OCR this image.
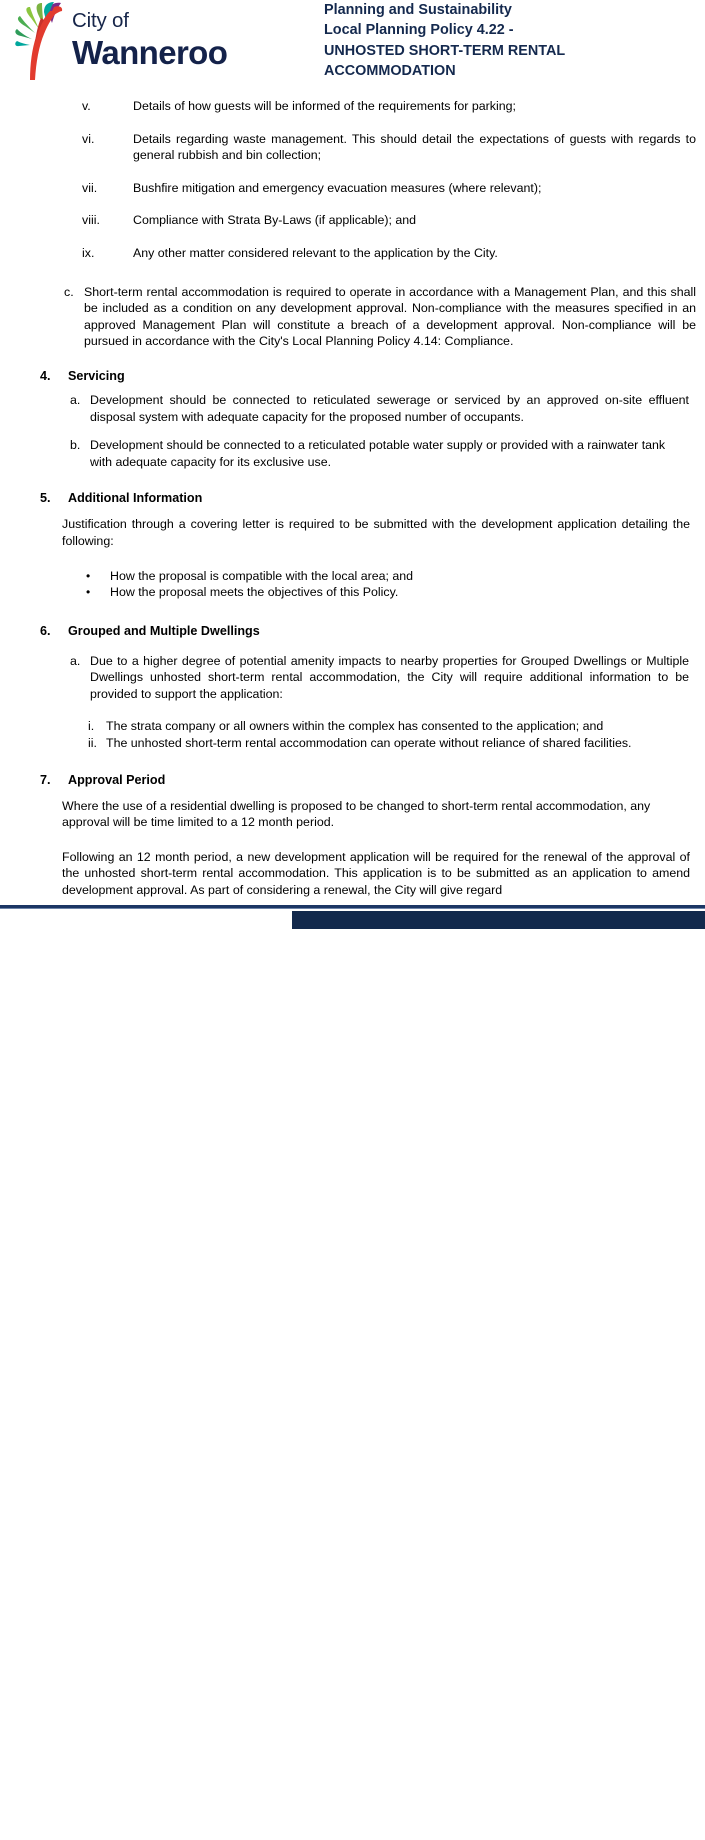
City of
Wanneroo
Planning and Sustainability
Local Planning Policy 4.22 -
UNHOSTED SHORT-TERM RENTAL
ACCOMMODATION
v.	Details of how guests will be informed of the requirements for parking;
vi.	Details regarding waste management. This should detail the expectations of guests with regards to general rubbish and bin collection;
vii.	Bushfire mitigation and emergency evacuation measures (where relevant);
viii.	Compliance with Strata By-Laws (if applicable); and
ix.	Any other matter considered relevant to the application by the City.
c. Short-term rental accommodation is required to operate in accordance with a Management Plan, and this shall be included as a condition on any development approval. Non-compliance with the measures specified in an approved Management Plan will constitute a breach of a development approval. Non-compliance will be pursued in accordance with the City's Local Planning Policy 4.14: Compliance.
4.	Servicing
a. Development should be connected to reticulated sewerage or serviced by an approved on-site effluent disposal system with adequate capacity for the proposed number of occupants.
b. Development should be connected to a reticulated potable water supply or provided with a rainwater tank with adequate capacity for its exclusive use.
5.	Additional Information
Justification through a covering letter is required to be submitted with the development application detailing the following:
•	How the proposal is compatible with the local area; and
•	How the proposal meets the objectives of this Policy.
6.	Grouped and Multiple Dwellings
a. Due to a higher degree of potential amenity impacts to nearby properties for Grouped Dwellings or Multiple Dwellings unhosted short-term rental accommodation, the City will require additional information to be provided to support the application:
i. The strata company or all owners within the complex has consented to the application; and
ii. The unhosted short-term rental accommodation can operate without reliance of shared facilities.
7.	Approval Period
Where the use of a residential dwelling is proposed to be changed to short-term rental accommodation, any approval will be time limited to a 12 month period.
Following an 12 month period, a new development application will be required for the renewal of the approval of the unhosted short-term rental accommodation. This application is to be submitted as an application to amend development approval. As part of considering a renewal, the City will give regard
3
